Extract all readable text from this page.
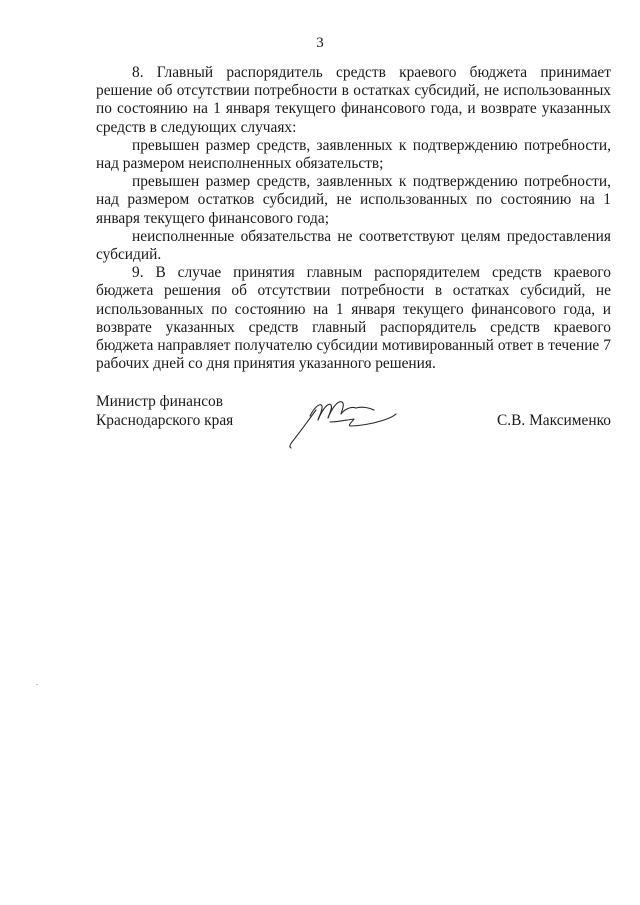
3

8. Главный распорядитель средств краевого бюджета принимает решение об отсутствии потребности в остатках субсидий, не использованных по состоянию на 1 января текущего финансового года, и возврате указанных средств в следующих случаях:

превышен размер средств, заявленных к подтверждению потребности, над размером неисполненных обязательств;

превышен размер средств, заявленных к подтверждению потребности, над размером остатков субсидий, не использованных по состоянию на 1 января текущего финансового года;

неисполненные обязательства не соответствуют целям предоставления субсидий.

9. В случае принятия главным распорядителем средств краевого бюджета решения об отсутствии потребности в остатках субсидий, не использованных по состоянию на 1 января текущего финансового года, и возврате указанных средств главный распорядитель средств краевого бюджета направляет получателю субсидии мотивированный ответ в течение 7 рабочих дней со дня принятия указанного решения.

Министр финансов
Краснодарского края	С.В. Максименко
